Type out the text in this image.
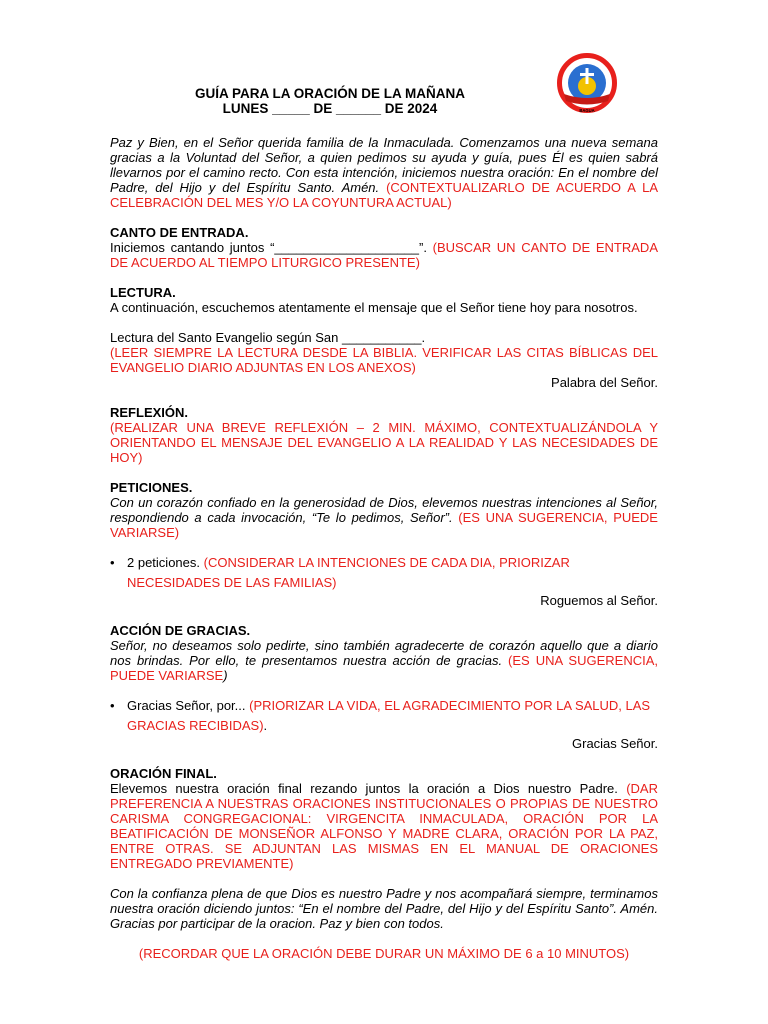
I.E. LA INMACULADA
BAGUA
GUÍA PARA LA ORACIÓN DE LA MAÑANA
LUNES _____ DE ______ DE 2024

Paz y Bien, en el Señor querida familia de la Inmaculada. Comenzamos una nueva semana gracias a la Voluntad del Señor, a quien pedimos su ayuda y guía, pues Él es quien sabrá llevarnos por el camino recto. Con esta intención, iniciemos nuestra oración: En el nombre del Padre, del Hijo y del Espíritu Santo. Amén. (CONTEXTUALIZARLO DE ACUERDO A LA CELEBRACIÓN DEL MES Y/O LA COYUNTURA ACTUAL)

CANTO DE ENTRADA.

Iniciemos cantando juntos “____________________”. (BUSCAR UN CANTO DE ENTRADA DE ACUERDO AL TIEMPO LITURGICO PRESENTE)

LECTURA.

A continuación, escuchemos atentamente el mensaje que el Señor tiene hoy para nosotros.

Lectura del Santo Evangelio según San ___________.

(LEER SIEMPRE LA LECTURA DESDE LA BIBLIA. VERIFICAR LAS CITAS BÍBLICAS DEL EVANGELIO DIARIO ADJUNTAS EN LOS ANEXOS)

Palabra del Señor.

REFLEXIÓN.

(REALIZAR UNA BREVE REFLEXIÓN – 2 MIN. MÁXIMO, CONTEXTUALIZÁNDOLA Y ORIENTANDO EL MENSAJE DEL EVANGELIO A LA REALIDAD Y LAS NECESIDADES DE HOY)

PETICIONES.

Con un corazón confiado en la generosidad de Dios, elevemos nuestras intenciones al Señor, respondiendo a cada invocación, “Te lo pedimos, Señor”. (ES UNA SUGERENCIA, PUEDE VARIARSE)

• 2 peticiones. (CONSIDERAR LA INTENCIONES DE CADA DIA, PRIORIZAR NECESIDADES DE LAS FAMILIAS)

Roguemos al Señor.

ACCIÓN DE GRACIAS.

Señor, no deseamos solo pedirte, sino también agradecerte de corazón aquello que a diario nos brindas. Por ello, te presentamos nuestra acción de gracias. (ES UNA SUGERENCIA, PUEDE VARIARSE)

• Gracias Señor, por... (PRIORIZAR LA VIDA, EL AGRADECIMIENTO POR LA SALUD, LAS GRACIAS RECIBIDAS).

Gracias Señor.

ORACIÓN FINAL.

Elevemos nuestra oración final rezando juntos la oración a Dios nuestro Padre. (DAR PREFERENCIA A NUESTRAS ORACIONES INSTITUCIONALES O PROPIAS DE NUESTRO CARISMA CONGREGACIONAL: VIRGENCITA INMACULADA, ORACIÓN POR LA BEATIFICACIÓN DE MONSEÑOR ALFONSO Y MADRE CLARA, ORACIÓN POR LA PAZ, ENTRE OTRAS. SE ADJUNTAN LAS MISMAS EN EL MANUAL DE ORACIONES ENTREGADO PREVIAMENTE)

Con la confianza plena de que Dios es nuestro Padre y nos acompañará siempre, terminamos nuestra oración diciendo juntos: “En el nombre del Padre, del Hijo y del Espíritu Santo”. Amén. Gracias por participar de la oracion. Paz y bien con todos.

(RECORDAR QUE LA ORACIÓN DEBE DURAR UN MÁXIMO DE 6 a 10 MINUTOS)
